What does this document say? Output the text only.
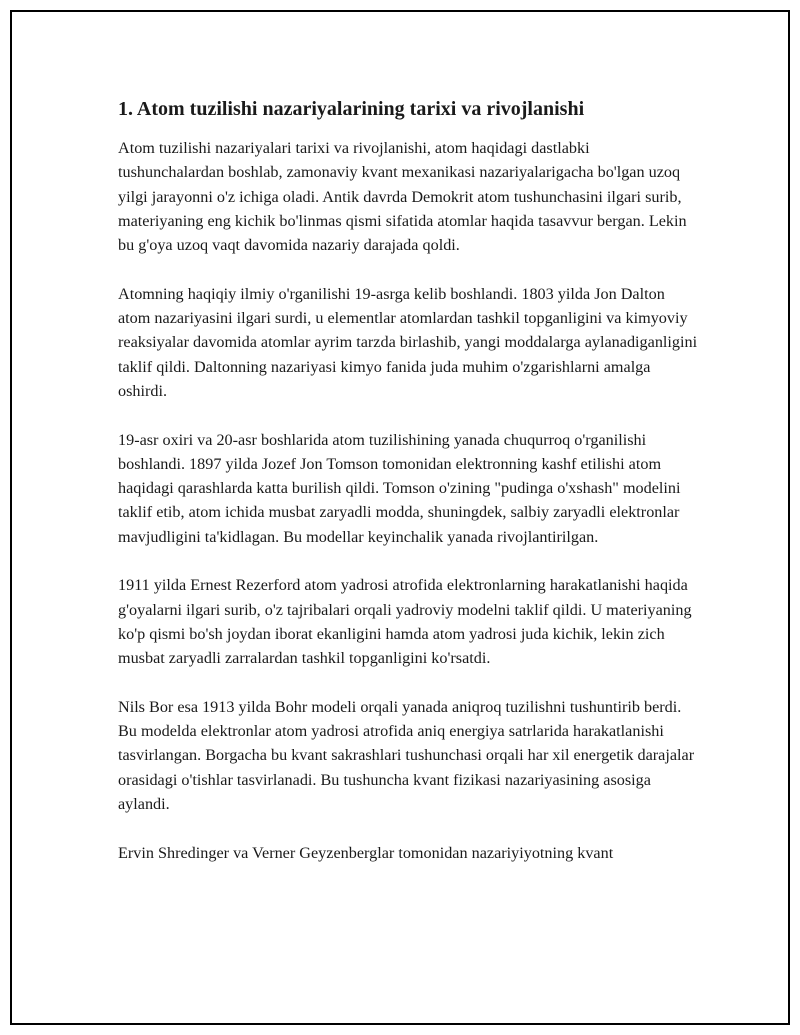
1. Atom tuzilishi nazariyalarining tarixi va rivojlanishi

Atom tuzilishi nazariyalari tarixi va rivojlanishi, atom haqidagi dastlabki tushunchalardan boshlab, zamonaviy kvant mexanikasi nazariyalarigacha bo'lgan uzoq yilgi jarayonni o'z ichiga oladi. Antik davrda Demokrit atom tushunchasini ilgari surib, materiyaning eng kichik bo'linmas qismi sifatida atomlar haqida tasavvur bergan. Lekin bu g'oya uzoq vaqt davomida nazariy darajada qoldi.

Atomning haqiqiy ilmiy o'rganilishi 19-asrga kelib boshlandi. 1803 yilda Jon Dalton atom nazariyasini ilgari surdi, u elementlar atomlardan tashkil topganligini va kimyoviy reaksiyalar davomida atomlar ayrim tarzda birlashib, yangi moddalarga aylanadiganligini taklif qildi. Daltonning nazariyasi kimyo fanida juda muhim o'zgarishlarni amalga oshirdi.

19-asr oxiri va 20-asr boshlarida atom tuzilishining yanada chuqurroq o'rganilishi boshlandi. 1897 yilda Jozef Jon Tomson tomonidan elektronning kashf etilishi atom haqidagi qarashlarda katta burilish qildi. Tomson o'zining "pudinga o'xshash" modelini taklif etib, atom ichida musbat zaryadli modda, shuningdek, salbiy zaryadli elektronlar mavjudligini ta'kidlagan. Bu modellar keyinchalik yanada rivojlantirilgan.

1911 yilda Ernest Rezerford atom yadrosi atrofida elektronlarning harakatlanishi haqida g'oyalarni ilgari surib, o'z tajribalari orqali yadroviy modelni taklif qildi. U materiyaning ko'p qismi bo'sh joydan iborat ekanligini hamda atom yadrosi juda kichik, lekin zich musbat zaryadli zarralardan tashkil topganligini ko'rsatdi.

Nils Bor esa 1913 yilda Bohr modeli orqali yanada aniqroq tuzilishni tushuntirib berdi. Bu modelda elektronlar atom yadrosi atrofida aniq energiya satrlarida harakatlanishi tasvirlangan. Borgacha bu kvant sakrashlari tushunchasi orqali har xil energetik darajalar orasidagi o'tishlar tasvirlanadi. Bu tushuncha kvant fizikasi nazariyasining asosiga aylandi.

Ervin Shredinger va Verner Geyzenberglar tomonidan nazariyiyotning kvant
